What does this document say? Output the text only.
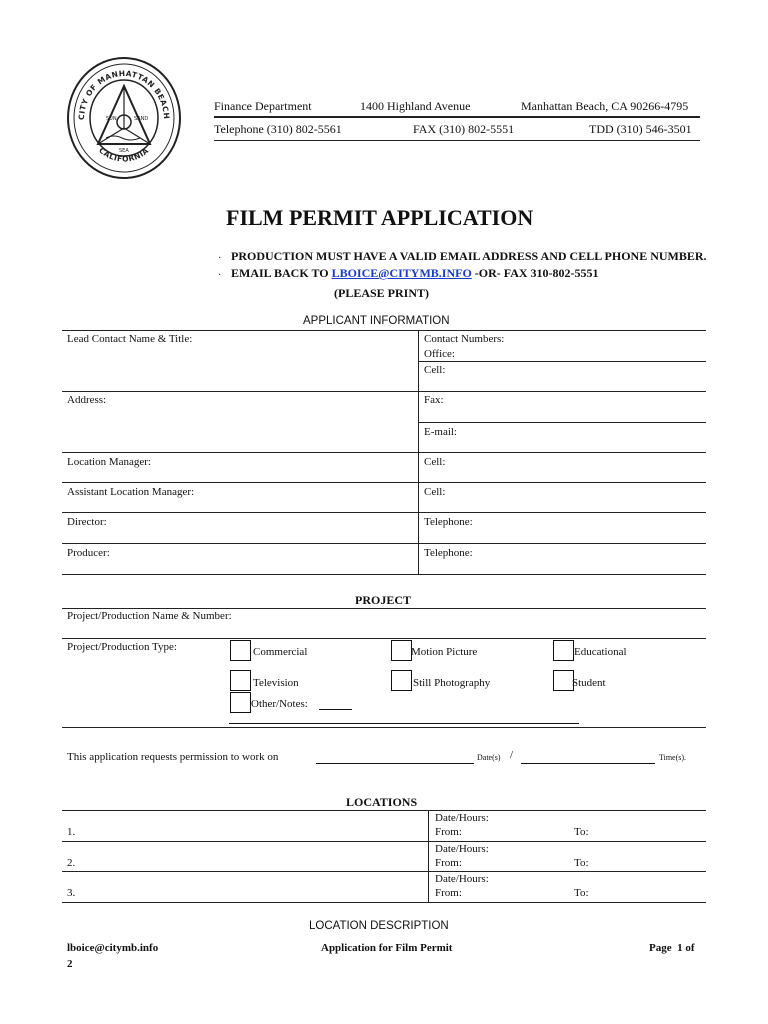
CITY OF MANHATTAN BEACH
CALIFORNIA
SUN	SAND
SEA
Finance Department	1400 Highland Avenue	Manhattan Beach, CA 90266-4795
Telephone (310) 802-5561	FAX (310) 802-5551	TDD (310) 546-3501
FILM PERMIT APPLICATION
· PRODUCTION MUST HAVE A VALID EMAIL ADDRESS AND CELL PHONE NUMBER.
· EMAIL BACK TO LBOICE@CITYMB.INFO -OR- FAX 310-802-5551
(PLEASE PRINT)
APPLICANT INFORMATION
Lead Contact Name & Title:	Contact Numbers:
Office:
Cell:
Address:	Fax:
E-mail:
Location Manager:	Cell:
Assistant Location Manager:	Cell:
Director:	Telephone:
Producer:	Telephone:
PROJECT
Project/Production Name & Number:
Project/Production Type:	Commercial	Motion Picture	Educational
Television	Still Photography	Student
Other/Notes:
This application requests permission to work on	Date(s) /	Time(s).
LOCATIONS
1.
Date/Hours:
From:	To:
2.
Date/Hours:
From:	To:
3.
Date/Hours:
From:	To:
LOCATION DESCRIPTION
lboice@citymb.info
2
Application for Film Permit	Page  1 of
